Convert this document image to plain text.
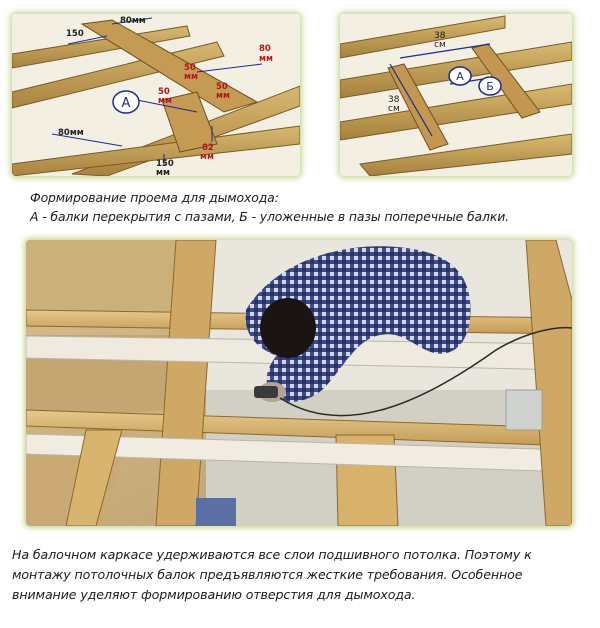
150
80мм
80
мм
50
мм
50
мм
50
мм
80мм
82
мм
150
мм
А
38
см
38
см
А
Б

Формирование проема для дымохода:
А - балки перекрытия с пазами, Б - уложенные в пазы поперечные балки.

На балочном каркасе удерживаются все слои подшивного потолка. Поэтому к
монтажу потолочных балок предъявляются жесткие требования. Особенное
внимание уделяют формированию отверстия для дымохода.
